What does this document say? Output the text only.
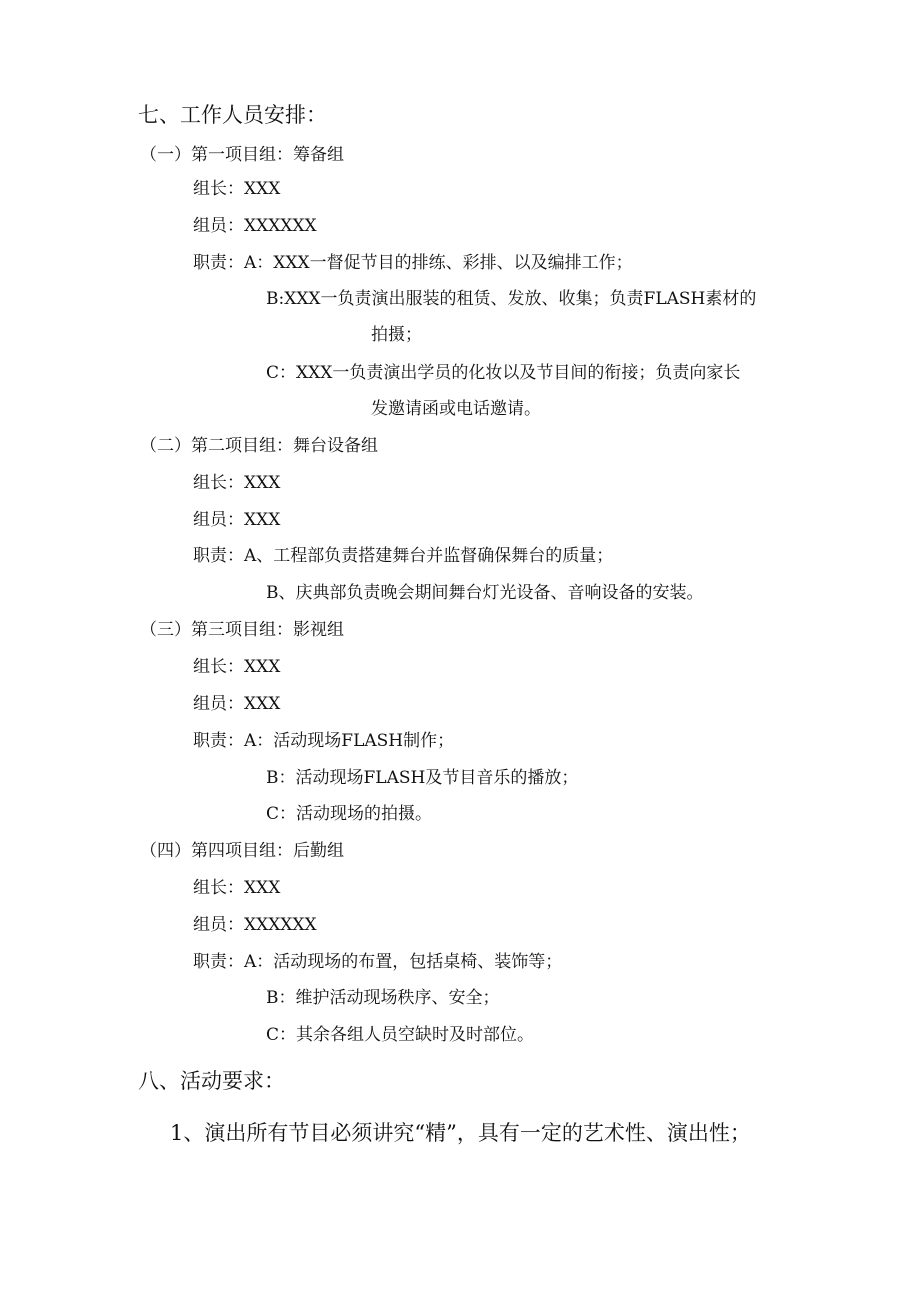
七、工作人员安排：
（一）第一项目组：筹备组
组长：XXX
组员：XXXXXX
职责：A：XXX一督促节目的排练、彩排、以及编排工作；
B:XXX一负责演出服装的租赁、发放、收集；负责FLASH素材的
拍摄；
C：XXX一负责演出学员的化妆以及节目间的衔接；负责向家长
发邀请函或电话邀请。
（二）第二项目组：舞台设备组
组长：XXX
组员：XXX
职责：A、工程部负责搭建舞台并监督确保舞台的质量；
B、庆典部负责晚会期间舞台灯光设备、音响设备的安装。
（三）第三项目组：影视组
组长：XXX
组员：XXX
职责：A：活动现场FLASH制作；
B：活动现场FLASH及节目音乐的播放；
C：活动现场的拍摄。
（四）第四项目组：后勤组
组长：XXX
组员：XXXXXX
职责：A：活动现场的布置，包括桌椅、装饰等；
B：维护活动现场秩序、安全；
C：其余各组人员空缺时及时部位。
八、活动要求：
1、演出所有节目必须讲究“精”，具有一定的艺术性、演出性；
